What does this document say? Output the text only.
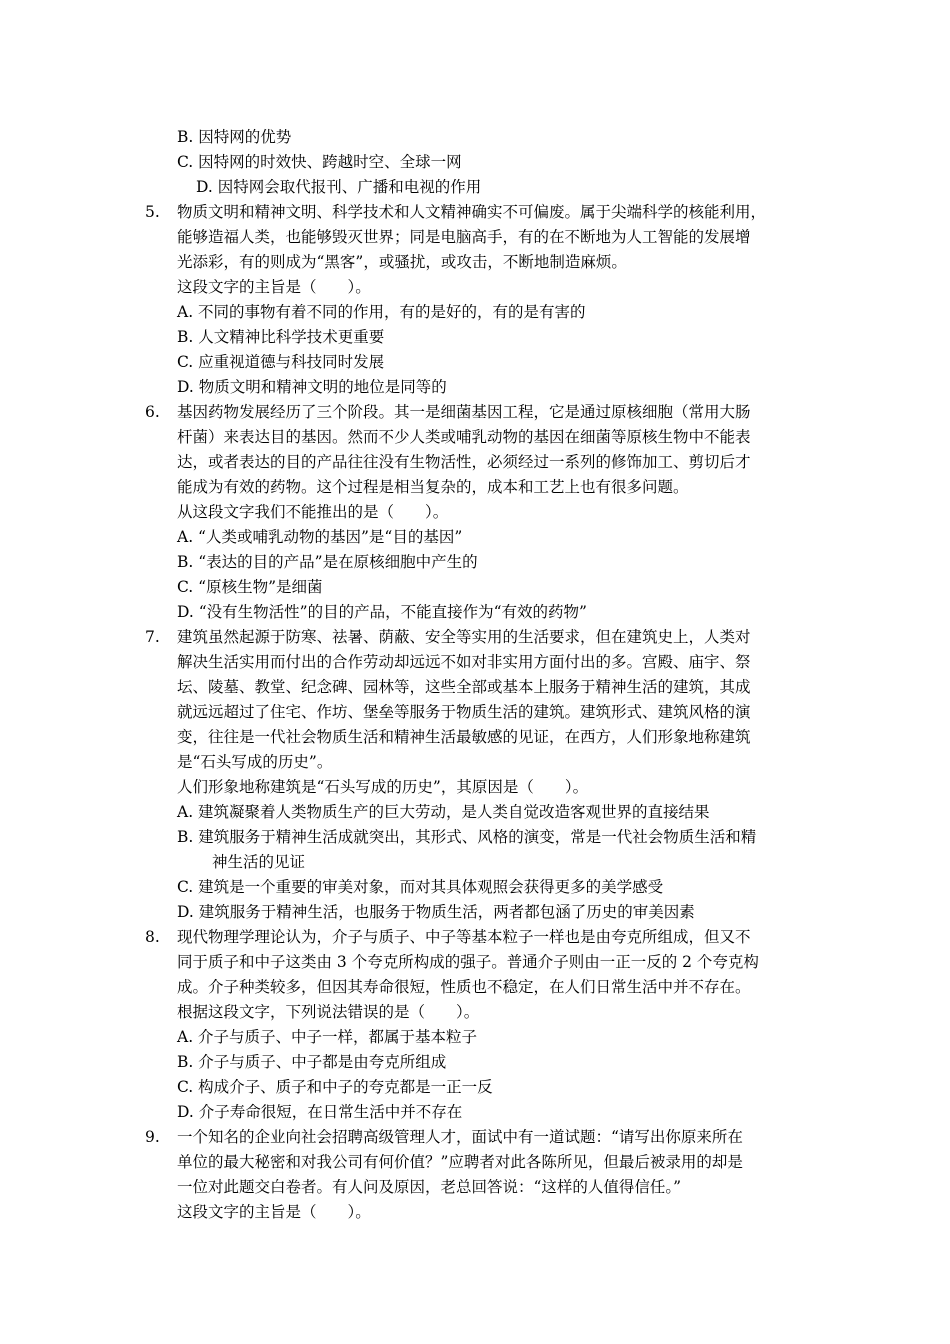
B. 因特网的优势
C. 因特网的时效快、跨越时空、全球一网
D. 因特网会取代报刊、广播和电视的作用
5. 物质文明和精神文明、科学技术和人文精神确实不可偏废。属于尖端科学的核能利用，
能够造福人类，也能够毁灭世界；同是电脑高手，有的在不断地为人工智能的发展增
光添彩，有的则成为“黑客”，或骚扰，或攻击，不断地制造麻烦。
这段文字的主旨是（　　）。
A. 不同的事物有着不同的作用，有的是好的，有的是有害的
B. 人文精神比科学技术更重要
C. 应重视道德与科技同时发展
D. 物质文明和精神文明的地位是同等的
6. 基因药物发展经历了三个阶段。其一是细菌基因工程，它是通过原核细胞（常用大肠
杆菌）来表达目的基因。然而不少人类或哺乳动物的基因在细菌等原核生物中不能表
达，或者表达的目的产品往往没有生物活性，必须经过一系列的修饰加工、剪切后才
能成为有效的药物。这个过程是相当复杂的，成本和工艺上也有很多问题。
从这段文字我们不能推出的是（　　）。
A. “人类或哺乳动物的基因”是“目的基因”
B. “表达的目的产品”是在原核细胞中产生的
C. “原核生物”是细菌
D. “没有生物活性”的目的产品，不能直接作为“有效的药物”
7. 建筑虽然起源于防寒、祛暑、荫蔽、安全等实用的生活要求，但在建筑史上，人类对
解决生活实用而付出的合作劳动却远远不如对非实用方面付出的多。宫殿、庙宇、祭
坛、陵墓、教堂、纪念碑、园林等，这些全部或基本上服务于精神生活的建筑，其成
就远远超过了住宅、作坊、堡垒等服务于物质生活的建筑。建筑形式、建筑风格的演
变，往往是一代社会物质生活和精神生活最敏感的见证，在西方，人们形象地称建筑
是“石头写成的历史”。
人们形象地称建筑是“石头写成的历史”，其原因是（　　）。
A. 建筑凝聚着人类物质生产的巨大劳动，是人类自觉改造客观世界的直接结果
B. 建筑服务于精神生活成就突出，其形式、风格的演变，常是一代社会物质生活和精
神生活的见证
C. 建筑是一个重要的审美对象，而对其具体观照会获得更多的美学感受
D. 建筑服务于精神生活，也服务于物质生活，两者都包涵了历史的审美因素
8. 现代物理学理论认为，介子与质子、中子等基本粒子一样也是由夸克所组成，但又不
同于质子和中子这类由 3 个夸克所构成的强子。普通介子则由一正一反的 2 个夸克构
成。介子种类较多，但因其寿命很短，性质也不稳定，在人们日常生活中并不存在。
根据这段文字，下列说法错误的是（　　）。
A. 介子与质子、中子一样，都属于基本粒子
B. 介子与质子、中子都是由夸克所组成
C. 构成介子、质子和中子的夸克都是一正一反
D. 介子寿命很短，在日常生活中并不存在
9. 一个知名的企业向社会招聘高级管理人才，面试中有一道试题：“请写出你原来所在
单位的最大秘密和对我公司有何价值？”应聘者对此各陈所见，但最后被录用的却是
一位对此题交白卷者。有人问及原因，老总回答说：“这样的人值得信任。”
这段文字的主旨是（　　）。
